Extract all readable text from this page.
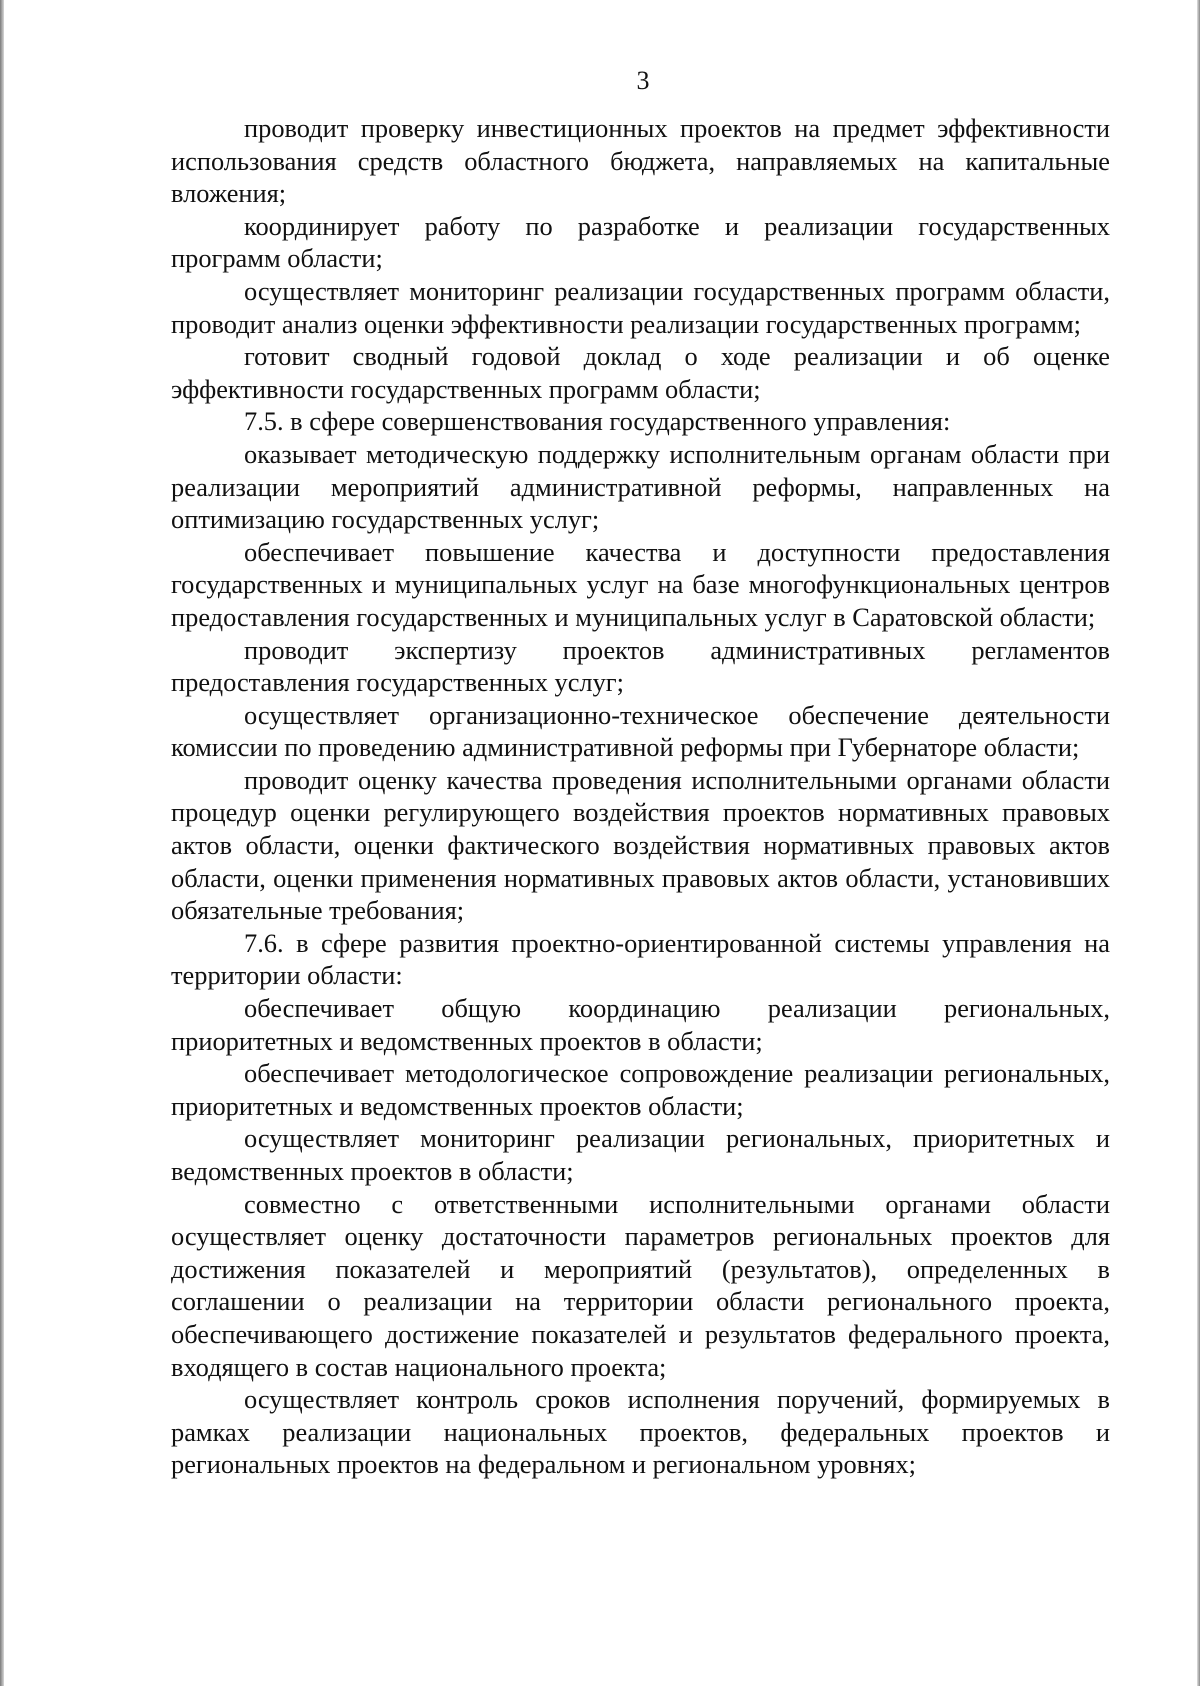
3

проводит проверку инвестиционных проектов на предмет эффективности использования средств областного бюджета, направляемых на капитальные вложения;

координирует работу по разработке и реализации государственных программ области;

осуществляет мониторинг реализации государственных программ области, проводит анализ оценки эффективности реализации государственных программ;

готовит сводный годовой доклад о ходе реализации и об оценке эффективности государственных программ области;

7.5. в сфере совершенствования государственного управления:

оказывает методическую поддержку исполнительным органам области при реализации мероприятий административной реформы, направленных на оптимизацию государственных услуг;

обеспечивает повышение качества и доступности предоставления государственных и муниципальных услуг на базе многофункциональных центров предоставления государственных и муниципальных услуг в Саратовской области;

проводит экспертизу проектов административных регламентов предоставления государственных услуг;

осуществляет организационно-техническое обеспечение деятельности комиссии по проведению административной реформы при Губернаторе области;

проводит оценку качества проведения исполнительными органами области процедур оценки регулирующего воздействия проектов нормативных правовых актов области, оценки фактического воздействия нормативных правовых актов области, оценки применения нормативных правовых актов области, установивших обязательные требования;

7.6. в сфере развития проектно-ориентированной системы управления на территории области:

обеспечивает общую координацию реализации региональных, приоритетных и ведомственных проектов в области;

обеспечивает методологическое сопровождение реализации региональных, приоритетных и ведомственных проектов области;

осуществляет мониторинг реализации региональных, приоритетных и ведомственных проектов в области;

совместно с ответственными исполнительными органами области осуществляет оценку достаточности параметров региональных проектов для достижения показателей и мероприятий (результатов), определенных в соглашении о реализации на территории области регионального проекта, обеспечивающего достижение показателей и результатов федерального проекта, входящего в состав национального проекта;

осуществляет контроль сроков исполнения поручений, формируемых в рамках реализации национальных проектов, федеральных проектов и региональных проектов на федеральном и региональном уровнях;
